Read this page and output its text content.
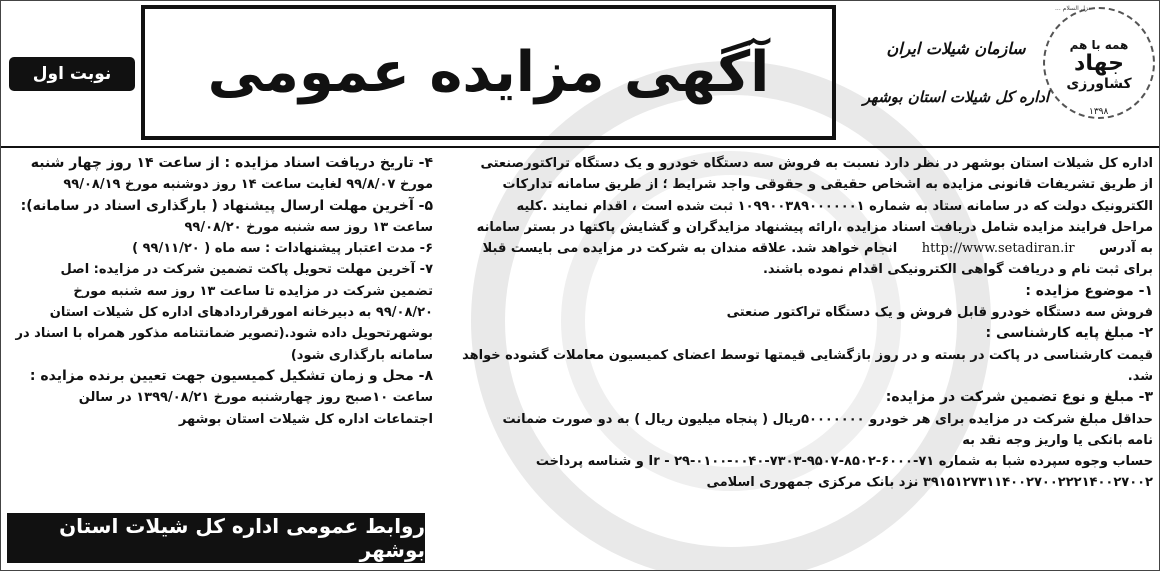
نزل السلام ...
همه با هم
جهاد
کشاورزی
۱۳۹۸
سازمان شیلات ایران
اداره کل شیلات استان بوشهر
آگهی مزایده عمومی
نوبت اول

اداره کل شیلات استان بوشهر در نظر دارد نسبت به فروش سه دستگاه خودرو و یک دستگاه تراکتورصنعتی

از طریق تشریفات قانونی مزایده به اشخاص حقیقی و حقوقی واجد شرایط ؛ از طریق سامانه تدارکات

الکترونیک دولت که در سامانه ستاد به شماره ۱۰۹۹۰۰۳۸۹۰۰۰۰۰۰۱ ثبت شده است ، اقدام نمایند .کلیه

مراحل فرایند مزایده شامل دریافت اسناد مزایده ،ارائه پیشنهاد مزایدگران و گشایش پاکتها در بستر سامانه

به آدرس http://www.setadiran.ir انجام خواهد شد. علاقه مندان به شرکت در مزایده می بایست قبلا

برای ثبت نام و دریافت گواهی الکترونیکی اقدام نموده باشند.

۱- موضوع مزایده :

فروش سه دستگاه خودرو قابل فروش و یک دستگاه تراکتور صنعتی

۲- مبلغ پایه کارشناسی :

قیمت کارشناسی در پاکت در بسته و در روز بازگشایی قیمتها توسط اعضای کمیسیون معاملات گشوده خواهد

شد.

۳- مبلغ و نوع تضمین شرکت در مزایده:

حداقل مبلغ شرکت در مزایده برای هر خودرو ۵۰۰۰۰۰۰۰ریال ( پنجاه میلیون ریال ) به دو صورت ضمانت

نامه بانکی یا واریز وجه نقد به

حساب وجوه سپرده شبا به شماره ۷۱-۶۰۰۰-۸۵۰۲-۹۵۰۷-۷۳۰۳-۰۰۴۰-۰۱۰۰-۲۹ - Ir و شناسه پرداخت

۳۹۱۵۱۲۷۳۱۱۴۰۰۲۷۰۰۲۲۲۱۴۰۰۲۷۰۰۲ نزد بانک مرکزی جمهوری اسلامی

۴- تاریخ دریافت اسناد مزایده : از ساعت ۱۴ روز چهار شنبه

مورخ ۹۹/۸/۰۷ لغایت ساعت ۱۴ روز دوشنبه مورخ ۹۹/۰۸/۱۹

۵- آخرین مهلت ارسال پیشنهاد ( بارگذاری اسناد در سامانه):

ساعت ۱۳ روز سه شنبه مورخ ۹۹/۰۸/۲۰

۶- مدت اعتبار پیشنهادات : سه ماه ( ۹۹/۱۱/۲۰ )

۷- آخرین مهلت تحویل پاکت تضمین شرکت در مزایده: اصل

تضمین شرکت در مزایده تا ساعت ۱۳ روز سه شنبه مورخ

۹۹/۰۸/۲۰ به دبیرخانه امورقراردادهای اداره کل شیلات استان

بوشهرتحویل داده شود.(تصویر ضمانتنامه مذکور همراه با اسناد در

سامانه بارگذاری شود)

۸- محل و زمان تشکیل کمیسیون جهت تعیین برنده مزایده :

ساعت ۱۰صبح روز چهارشنبه مورخ ۱۳۹۹/۰۸/۲۱ در سالن

اجتماعات اداره کل شیلات استان بوشهر

روابط عمومی اداره کل شیلات استان بوشهر
